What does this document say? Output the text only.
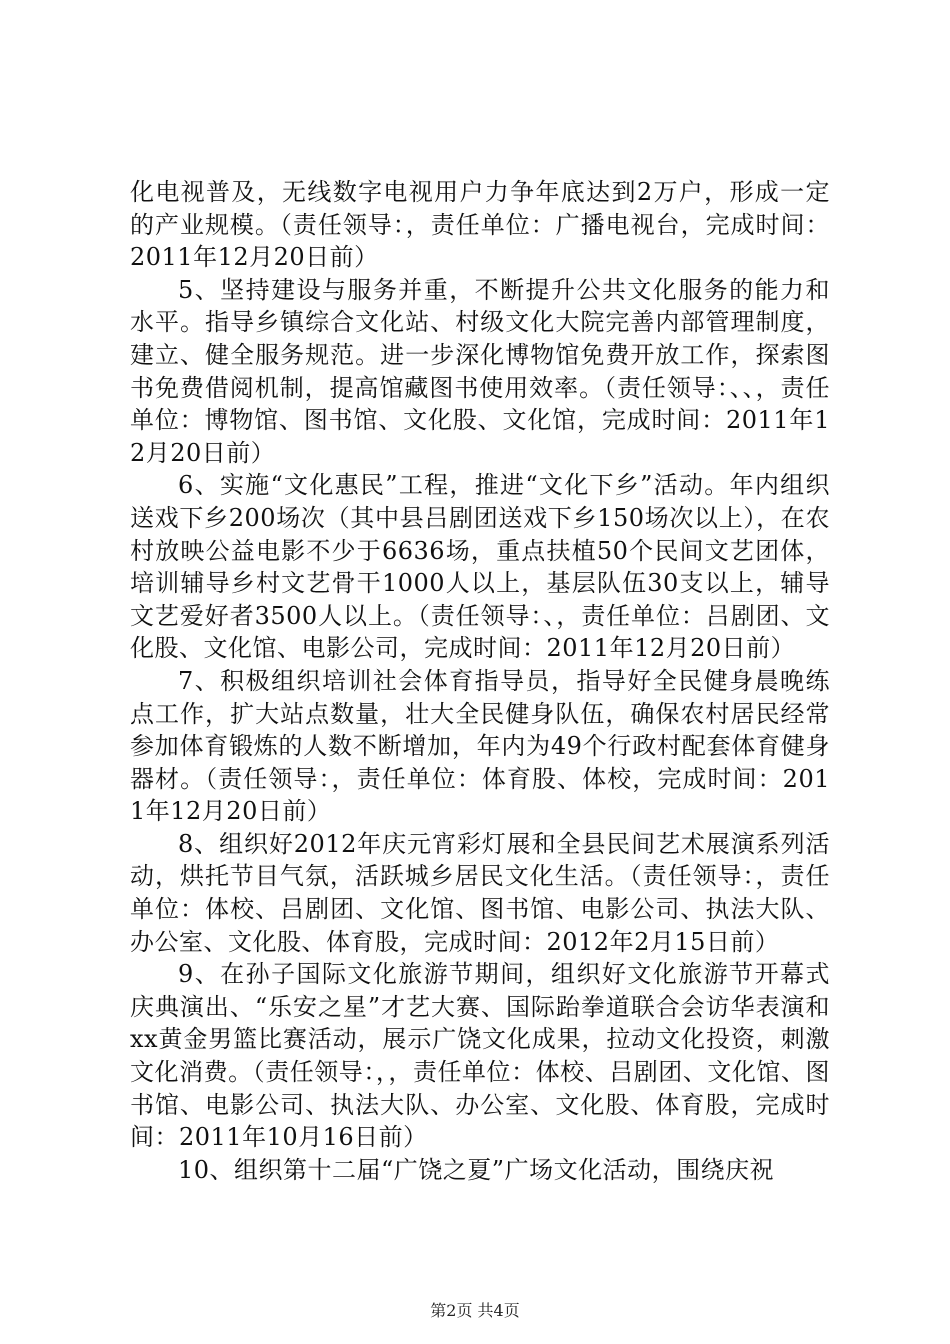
化电视普及，无线数字电视用户力争年底达到2万户，形成一定的产业规模。（责任领导：，责任单位：广播电视台，完成时间：2011年12月20日前）

5、坚持建设与服务并重，不断提升公共文化服务的能力和水平。指导乡镇综合文化站、村级文化大院完善内部管理制度，建立、健全服务规范。进一步深化博物馆免费开放工作，探索图书免费借阅机制，提高馆藏图书使用效率。（责任领导：、、，责任单位：博物馆、图书馆、文化股、文化馆，完成时间：2011年12月20日前）

6、实施“文化惠民”工程，推进“文化下乡”活动。年内组织送戏下乡200场次（其中县吕剧团送戏下乡150场次以上），在农村放映公益电影不少于6636场，重点扶植50个民间文艺团体，培训辅导乡村文艺骨干1000人以上，基层队伍30支以上，辅导文艺爱好者3500人以上。（责任领导：、，责任单位：吕剧团、文化股、文化馆、电影公司，完成时间：2011年12月20日前）

7、积极组织培训社会体育指导员，指导好全民健身晨晚练点工作，扩大站点数量，壮大全民健身队伍，确保农村居民经常参加体育锻炼的人数不断增加，年内为49个行政村配套体育健身器材。（责任领导：，责任单位：体育股、体校，完成时间：2011年12月20日前）

8、组织好2012年庆元宵彩灯展和全县民间艺术展演系列活动，烘托节目气氛，活跃城乡居民文化生活。（责任领导：，责任单位：体校、吕剧团、文化馆、图书馆、电影公司、执法大队、办公室、文化股、体育股，完成时间：2012年2月15日前）

9、在孙子国际文化旅游节期间，组织好文化旅游节开幕式庆典演出、“乐安之星”才艺大赛、国际跆拳道联合会访华表演和xx黄金男篮比赛活动，展示广饶文化成果，拉动文化投资，刺激文化消费。（责任领导：，，责任单位：体校、吕剧团、文化馆、图书馆、电影公司、执法大队、办公室、文化股、体育股，完成时间：2011年10月16日前）

10、组织第十二届“广饶之夏”广场文化活动，围绕庆祝

第2页 共4页
